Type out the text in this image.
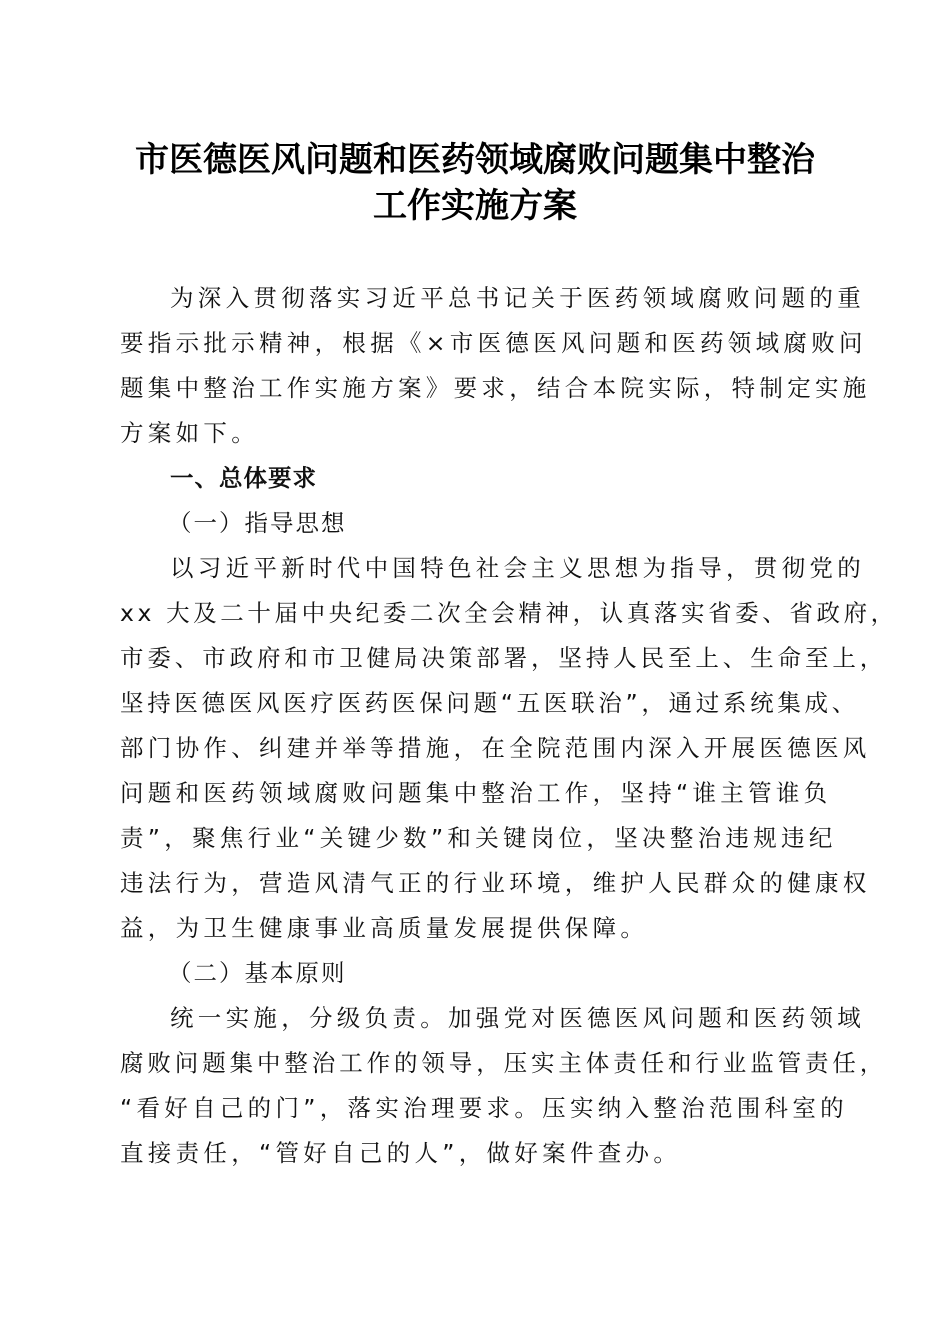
市医德医风问题和医药领域腐败问题集中整治
工作实施方案
为深入贯彻落实习近平总书记关于医药领域腐败问题的重
要指示批示精神，根据《×市医德医风问题和医药领域腐败问
题集中整治工作实施方案》要求，结合本院实际，特制定实施
方案如下。
一、总体要求
（一）指导思想
以习近平新时代中国特色社会主义思想为指导，贯彻党的
xx 大及二十届中央纪委二次全会精神，认真落实省委、省政府，
市委、市政府和市卫健局决策部署，坚持人民至上、生命至上，
坚持医德医风医疗医药医保问题“五医联治”，通过系统集成、
部门协作、纠建并举等措施，在全院范围内深入开展医德医风
问题和医药领域腐败问题集中整治工作，坚持“谁主管谁负
责”，聚焦行业“关键少数”和关键岗位，坚决整治违规违纪
违法行为，营造风清气正的行业环境，维护人民群众的健康权
益，为卫生健康事业高质量发展提供保障。
（二）基本原则
统一实施，分级负责。加强党对医德医风问题和医药领域
腐败问题集中整治工作的领导，压实主体责任和行业监管责任，
“看好自己的门”，落实治理要求。压实纳入整治范围科室的
直接责任，“管好自己的人”，做好案件查办。
